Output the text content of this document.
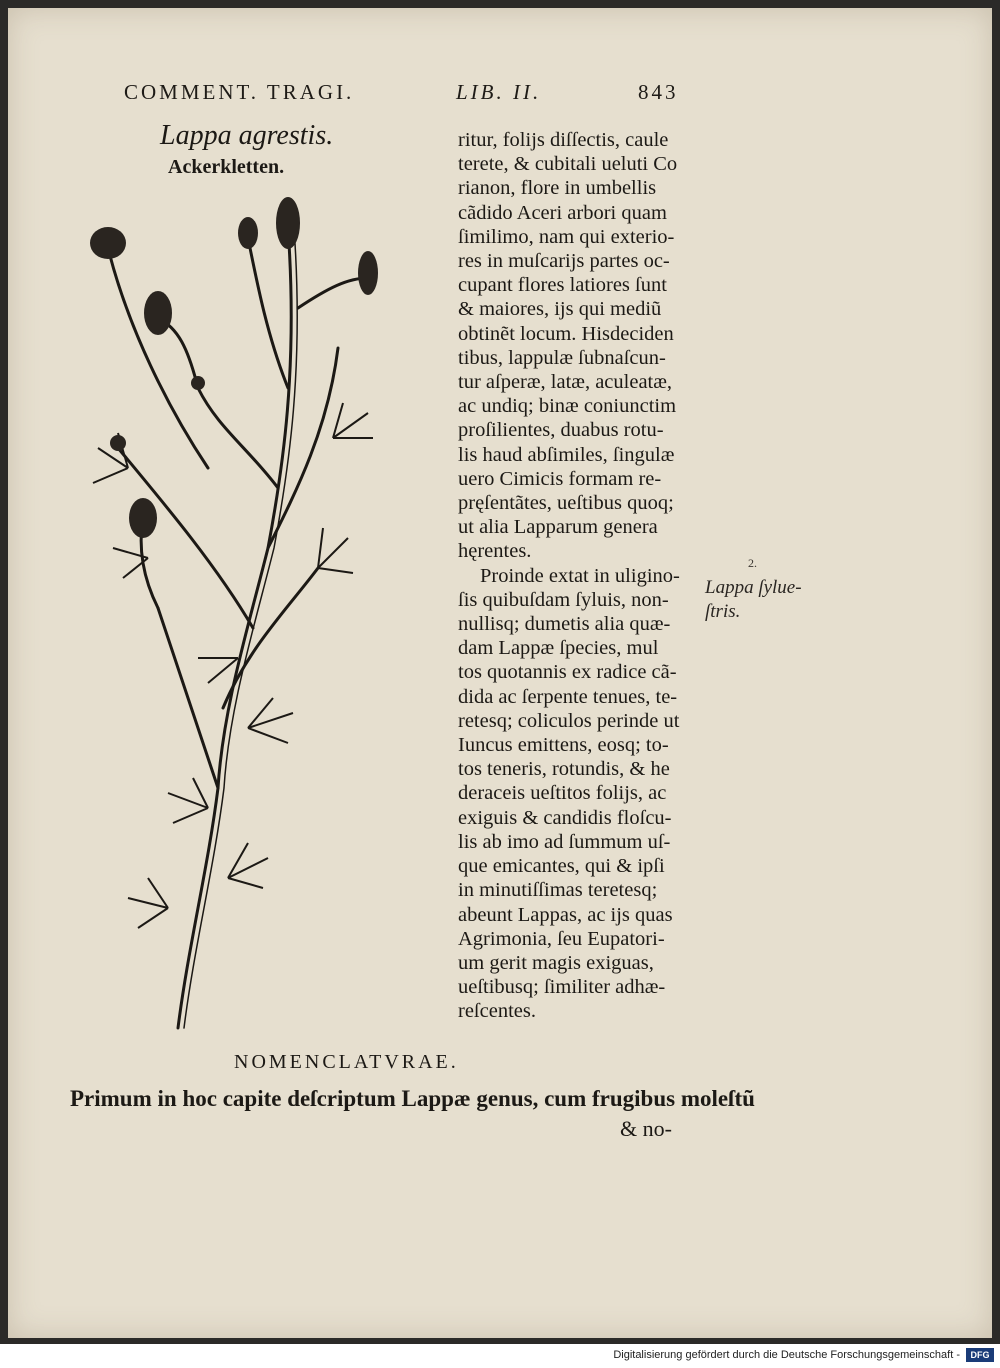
COMMENT. TRAGI.	LIB. II.	843
Lappa agrestis.
Ackerkletten.
ritur, folijs diſſectis, caule
terete, & cubitali ueluti Co
rianon, flore in umbellis
cãdido Aceri arbori quam
ſimilimo, nam qui exterio-
res in muſcarijs partes oc-
cupant flores latiores ſunt
& maiores, ijs qui mediũ
obtinẽt locum. Hisdeciden
tibus, lappulæ ſubnaſcun-
tur aſperæ, latæ, aculeatæ,
ac undiq; binæ coniunctim
proſilientes, duabus rotu-
lis haud abſimiles, ſingulæ
uero Cimicis formam re-
pręſentãtes, ueſtibus quoq;
ut alia Lapparum genera
hęrentes.
Proinde extat in uligino-
ſis quibuſdam ſyluis, non-
nullisq; dumetis alia quæ-
dam Lappæ ſpecies, mul
tos quotannis ex radice cã-
dida ac ſerpente tenues, te-
retesq; coliculos perinde ut
Iuncus emittens, eosq; to-
tos teneris, rotundis, & he
deraceis ueſtitos folijs, ac
exiguis & candidis floſcu-
lis ab imo ad ſummum uſ-
que emicantes, qui & ipſi
in minutiſſimas teretesq;
abeunt Lappas, ac ijs quas
Agrimonia, ſeu Eupatori-
um gerit magis exiguas,
ueſtibusq; ſimiliter adhæ-
reſcentes.
2.
Lappa ſylue-
ſtris.
NOMENCLATVRAE.
Primum in hoc capite deſcriptum Lappæ genus, cum frugibus moleſtũ
& no-
Digitalisierung gefördert durch die Deutsche Forschungsgemeinschaft -	DFG
